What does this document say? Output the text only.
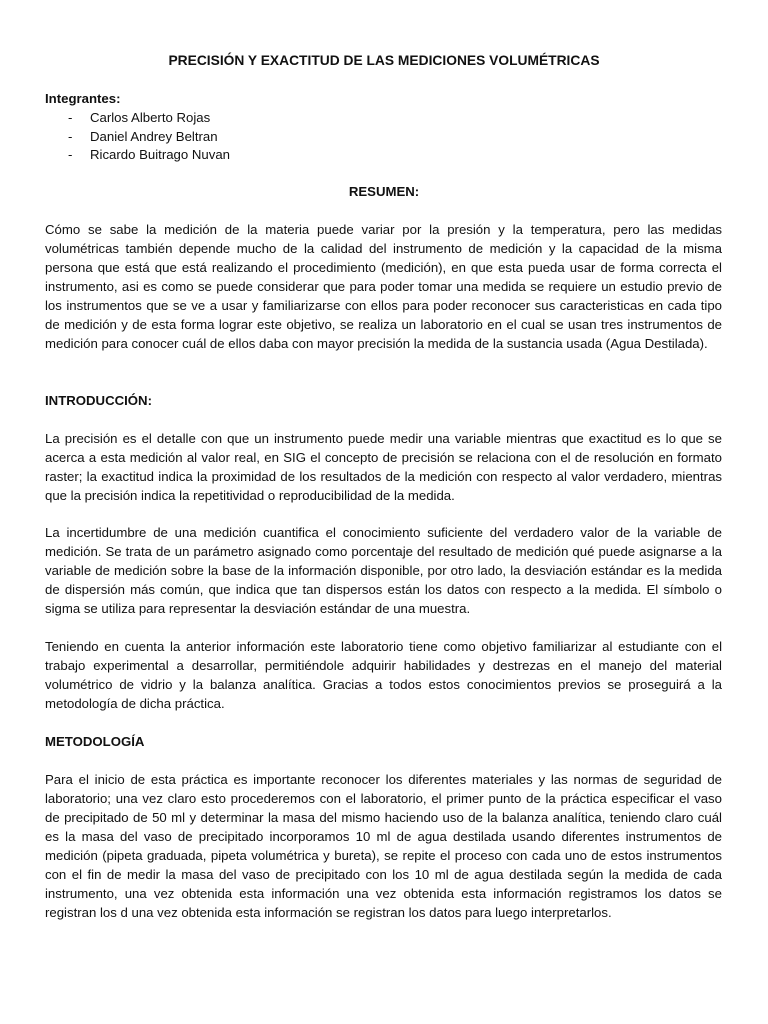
PRECISIÓN Y EXACTITUD DE LAS MEDICIONES VOLUMÉTRICAS
Integrantes:
- Carlos Alberto Rojas
- Daniel Andrey Beltran
- Ricardo Buitrago Nuvan
RESUMEN:

Cómo se sabe la medición de la materia puede variar por la presión y la temperatura, pero las medidas volumétricas también depende mucho de la calidad del instrumento de medición y la capacidad de la misma persona que está que está realizando el procedimiento (medición), en que esta pueda usar de forma correcta el instrumento, asi es como se puede considerar que para poder tomar una medida se requiere un estudio previo de los instrumentos que se ve a usar y familiarizarse con ellos para poder reconocer sus caracteristicas en cada tipo de medición y de esta forma lograr este objetivo, se realiza un laboratorio en el cual se usan tres instrumentos de medición para conocer cuál de ellos daba con mayor precisión la medida de la sustancia usada (Agua Destilada).

INTRODUCCIÓN:

La precisión es el detalle con que un instrumento puede medir una variable mientras que exactitud es lo que se acerca a esta medición al valor real, en SIG el concepto de precisión se relaciona con el de resolución en formato raster; la exactitud indica la proximidad de los resultados de la medición con respecto al valor verdadero, mientras que la precisión indica la repetitividad o reproducibilidad de la medida.

La incertidumbre de una medición cuantifica el conocimiento suficiente del verdadero valor de la variable de medición. Se trata de un parámetro asignado como porcentaje del resultado de medición qué puede asignarse a la variable de medición sobre la base de la información disponible, por otro lado, la desviación estándar es la medida de dispersión más común, que indica que tan dispersos están los datos con respecto a la medida. El símbolo o sigma se utiliza para representar la desviación estándar de una muestra.

Teniendo en cuenta la anterior información este laboratorio tiene como objetivo familiarizar al estudiante con el trabajo experimental a desarrollar, permitiéndole adquirir habilidades y destrezas en el manejo del material volumétrico de vidrio y la balanza analítica. Gracias a todos estos conocimientos previos se proseguirá a la metodología de dicha práctica.

METODOLOGÍA

Para el inicio de esta práctica es importante reconocer los diferentes materiales y las normas de seguridad de laboratorio; una vez claro esto procederemos con el laboratorio, el primer punto de la práctica especificar el vaso de precipitado de 50 ml y determinar la masa del mismo haciendo uso de la balanza analítica, teniendo claro cuál es la masa del vaso de precipitado incorporamos 10 ml de agua destilada usando diferentes instrumentos de medición (pipeta graduada, pipeta volumétrica y bureta), se repite el proceso con cada uno de estos instrumentos con el fin de medir la masa del vaso de precipitado con los 10 ml de agua destilada según la medida de cada instrumento, una vez obtenida esta información una vez obtenida esta información registramos los datos se registran los d una vez obtenida esta información se registran los datos para luego interpretarlos.
